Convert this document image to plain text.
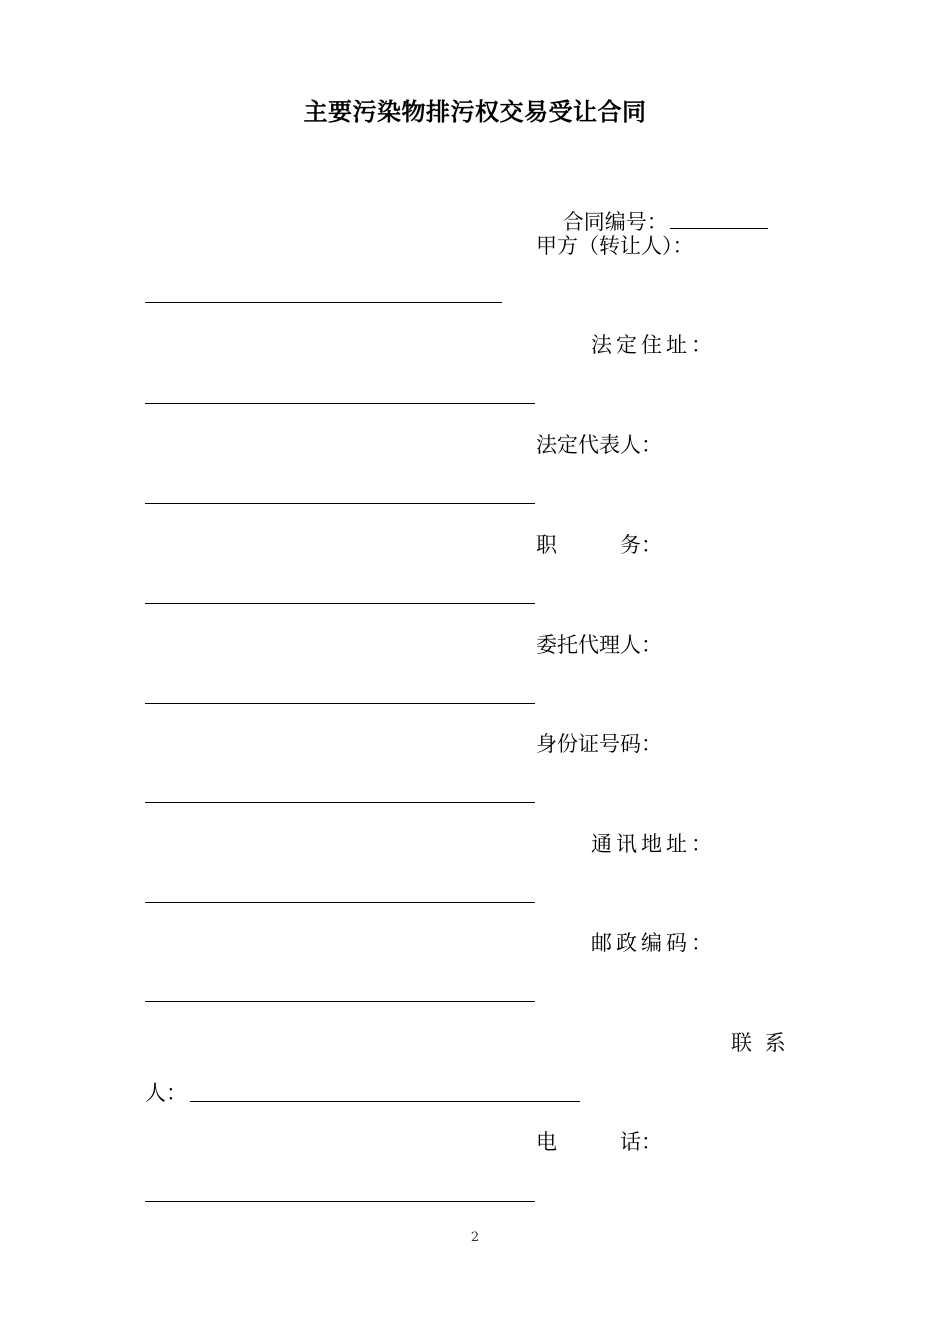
主要污染物排污权交易受让合同

合同编号：

甲方（转让人）：
法定住址：
法定代表人：
职　　　务：
委托代理人：
身份证号码：
通讯地址：
邮政编码：
联 系
人：
电　　　话：
2
